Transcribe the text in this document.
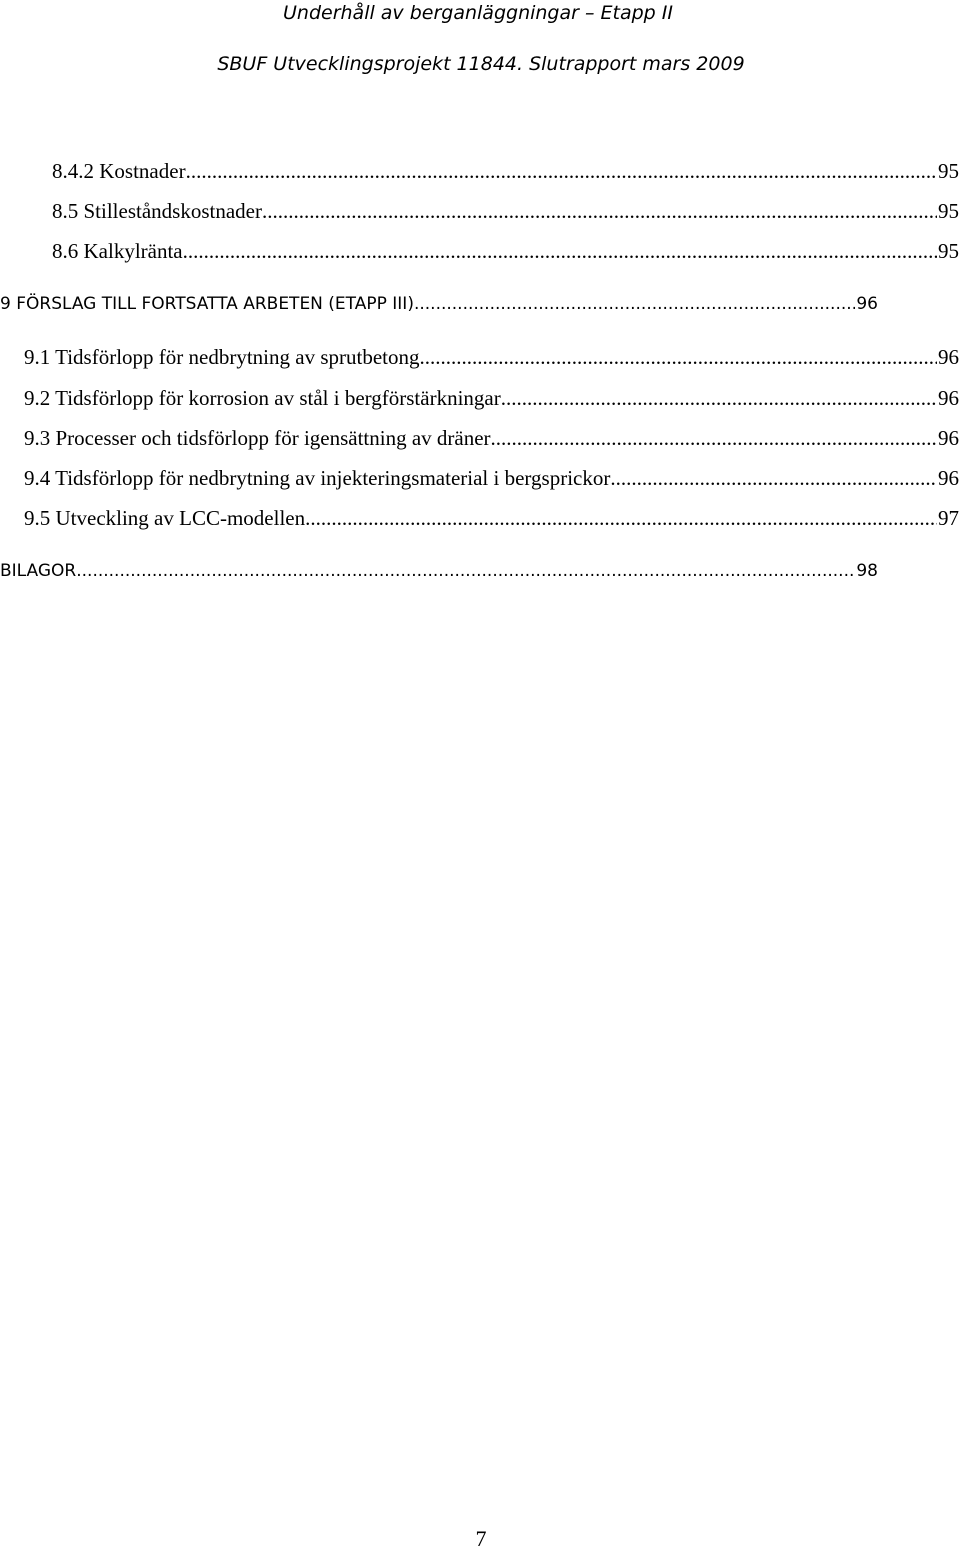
Underhåll av berganläggningar – Etapp II
SBUF Utvecklingsprojekt 11844. Slutrapport mars 2009
8.4.2 Kostnader .....	95
8.5 Stilleståndskostnader .....	95
8.6 Kalkylränta .....	95
9 FÖRSLAG TILL FORTSATTA ARBETEN (ETAPP III) .....	96
9.1 Tidsförlopp för nedbrytning av sprutbetong .....	96
9.2 Tidsförlopp för korrosion av stål i bergförstärkningar .....	96
9.3 Processer och tidsförlopp för igensättning av dräner .....	96
9.4 Tidsförlopp för nedbrytning av injekteringsmaterial i bergsprickor .....	96
9.5 Utveckling av LCC-modellen .....	97
BILAGOR .....	98
7
